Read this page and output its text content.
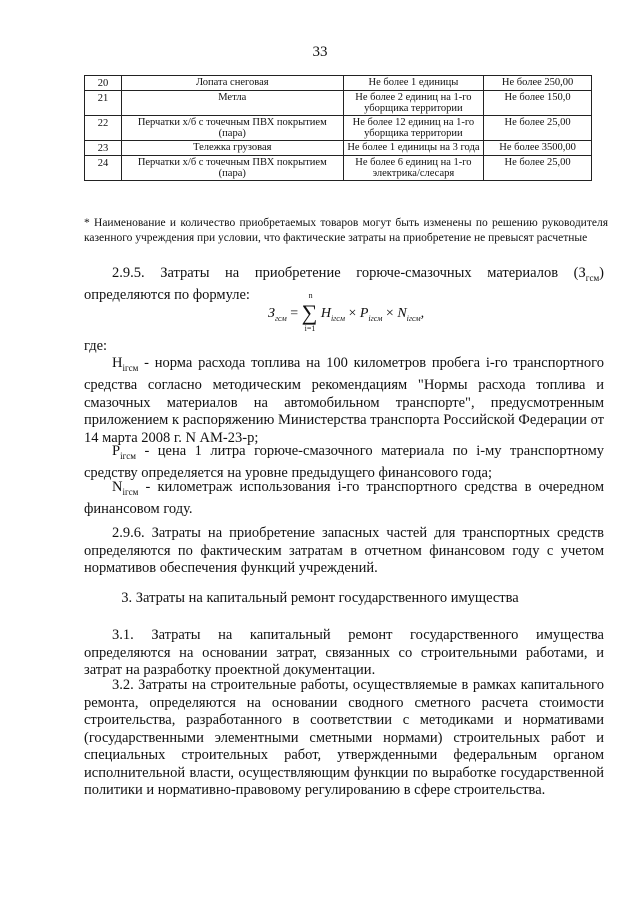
33
20	Лопата снеговая	Не более 1 единицы	Не более 250,00
21	Метла	Не более 2 единиц на 1-го уборщика территории	Не более 150,0
22	Перчатки х/б с точечным ПВХ покрытием (пара)	Не более 12 единиц на 1-го уборщика территории	Не более 25,00
23	Тележка грузовая	Не более 1 единицы на 3 года	Не более 3500,00
24	Перчатки х/б с точечным ПВХ покрытием (пара)	Не более 6 единиц на 1-го электрика/слесаря	Не более 25,00
* Наименование и количество приобретаемых товаров могут быть изменены по решению руководителя казенного учреждения при условии, что фактические затраты на приобретение не превысят расчетные
2.9.5. Затраты на приобретение горюче-смазочных материалов $(З_{гсм})$ определяются по формуле:
$З_{гсм}$ = ∑
n
i=1
$Н_{iгсм} \times Р_{iгсм} \times N_{iгсм}$,
где:
$Н_{iгсм}$ - норма расхода топлива на 100 километров пробега i-го транспортного средства согласно методическим рекомендациям "Нормы расхода топлива и смазочных материалов на автомобильном транспорте", предусмотренным приложением к распоряжению Министерства транспорта Российской Федерации от 14 марта 2008 г. N АМ-23-р;
$Р_{iгсм}$ - цена 1 литра горюче-смазочного материала по i-му транспортному средству определяется на уровне предыдущего финансового года;
$N_{iгсм}$ - километраж использования i-го транспортного средства в очередном финансовом году.
2.9.6. Затраты на приобретение запасных частей для транспортных средств определяются по фактическим затратам в отчетном финансовом году с учетом нормативов обеспечения функций учреждений.
3. Затраты на капитальный ремонт государственного имущества
3.1. Затраты на капитальный ремонт государственного имущества определяются на основании затрат, связанных со строительными работами, и затрат на разработку проектной документации.
3.2. Затраты на строительные работы, осуществляемые в рамках капитального ремонта, определяются на основании сводного сметного расчета стоимости строительства, разработанного в соответствии с методиками и нормативами (государственными элементными сметными нормами) строительных работ и специальных строительных работ, утвержденными федеральным органом исполнительной власти, осуществляющим функции по выработке государственной политики и нормативно-правовому регулированию в сфере строительства.
